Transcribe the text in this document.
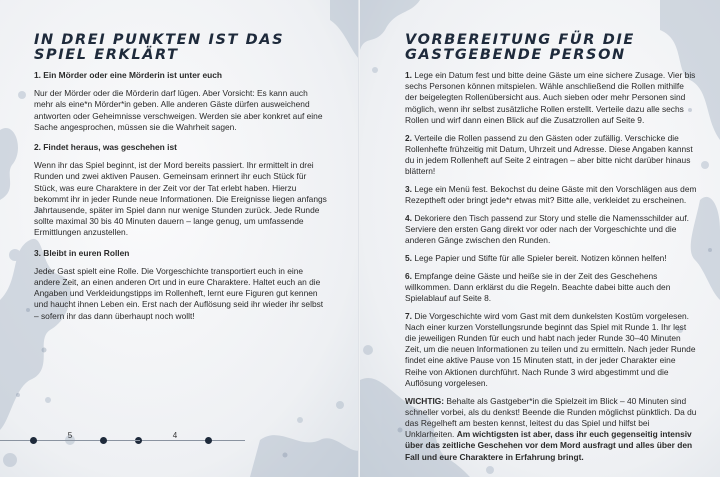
IN DREI PUNKTEN IST DAS
SPIEL ERKLÄRT
1. Ein Mörder oder eine Mörderin ist unter euch
Nur der Mörder oder die Mörderin darf lügen. Aber Vorsicht: Es kann auch mehr als eine*n Mörder*in geben. Alle anderen Gäste dürfen ausweichend antworten oder Geheimnisse verschweigen. Werden sie aber konkret auf eine Sache angesprochen, müssen sie die Wahrheit sagen.
2. Findet heraus, was geschehen ist
Wenn ihr das Spiel beginnt, ist der Mord bereits passiert. Ihr ermittelt in drei Runden und zwei aktiven Pausen. Gemeinsam erinnert ihr euch Stück für Stück, was eure Charaktere in der Zeit vor der Tat erlebt haben. Hierzu bekommt ihr in jeder Runde neue Informationen. Die Ereignisse liegen anfangs Jahrtausende, später im Spiel dann nur wenige Stunden zurück. Jede Runde sollte maximal 30 bis 40 Minuten dauern – lange genug, um umfassende Ermittlungen anzustellen.
3. Bleibt in euren Rollen
Jeder Gast spielt eine Rolle. Die Vorgeschichte transportiert euch in eine andere Zeit, an einen anderen Ort und in eure Charaktere. Haltet euch an die Angaben und Verkleidungstipps im Rollenheft, lernt eure Figuren gut kennen und haucht ihnen Leben ein. Erst nach der Auflösung seid ihr wieder ihr selbst – sofern ihr das dann überhaupt noch wollt!
4
VORBEREITUNG FÜR DIE
GASTGEBENDE PERSON
1. Lege ein Datum fest und bitte deine Gäste um eine sichere Zusage. Vier bis sechs Personen können mitspielen. Wähle anschließend die Rollen mithilfe der beigelegten Rollenübersicht aus. Auch sieben oder mehr Personen sind möglich, wenn ihr selbst zusätzliche Rollen erstellt. Verteile dazu alle sechs Rollen und wirf dann einen Blick auf die Zusatzrollen auf Seite 9.
2. Verteile die Rollen passend zu den Gästen oder zufällig. Verschicke die Rollenhefte frühzeitig mit Datum, Uhrzeit und Adresse. Diese Angaben kannst du in jedem Rollenheft auf Seite 2 eintragen – aber bitte nicht darüber hinaus blättern!
3. Lege ein Menü fest. Bekochst du deine Gäste mit den Vorschlägen aus dem Rezeptheft oder bringt jede*r etwas mit? Bitte alle, verkleidet zu erscheinen.
4. Dekoriere den Tisch passend zur Story und stelle die Namensschilder auf. Serviere den ersten Gang direkt vor oder nach der Vorgeschichte und die anderen Gänge zwischen den Runden.
5. Lege Papier und Stifte für alle Spieler bereit. Notizen können helfen!
6. Empfange deine Gäste und heiße sie in der Zeit des Geschehens willkommen. Dann erklärst du die Regeln. Beachte dabei bitte auch den Spielablauf auf Seite 8.
7. Die Vorgeschichte wird vom Gast mit dem dunkelsten Kostüm vorgelesen. Nach einer kurzen Vorstellungsrunde beginnt das Spiel mit Runde 1. Ihr lest die jeweiligen Runden für euch und habt nach jeder Runde 30–40 Minuten Zeit, um die neuen Informationen zu teilen und zu ermitteln. Nach jeder Runde findet eine aktive Pause von 15 Minuten statt, in der jeder Charakter eine Reihe von Aktionen durchführt. Nach Runde 3 wird abgestimmt und die Auflösung vorgelesen.
WICHTIG: Behalte als Gastgeber*in die Spielzeit im Blick – 40 Minuten sind schneller vorbei, als du denkst! Beende die Runden möglichst pünktlich. Da du das Regelheft am besten kennst, leitest du das Spiel und hilfst bei Unklarheiten. Am wichtigsten ist aber, dass ihr euch gegenseitig intensiv über das zeitliche Geschehen vor dem Mord ausfragt und alles über den Fall und eure Charaktere in Erfahrung bringt.
5
